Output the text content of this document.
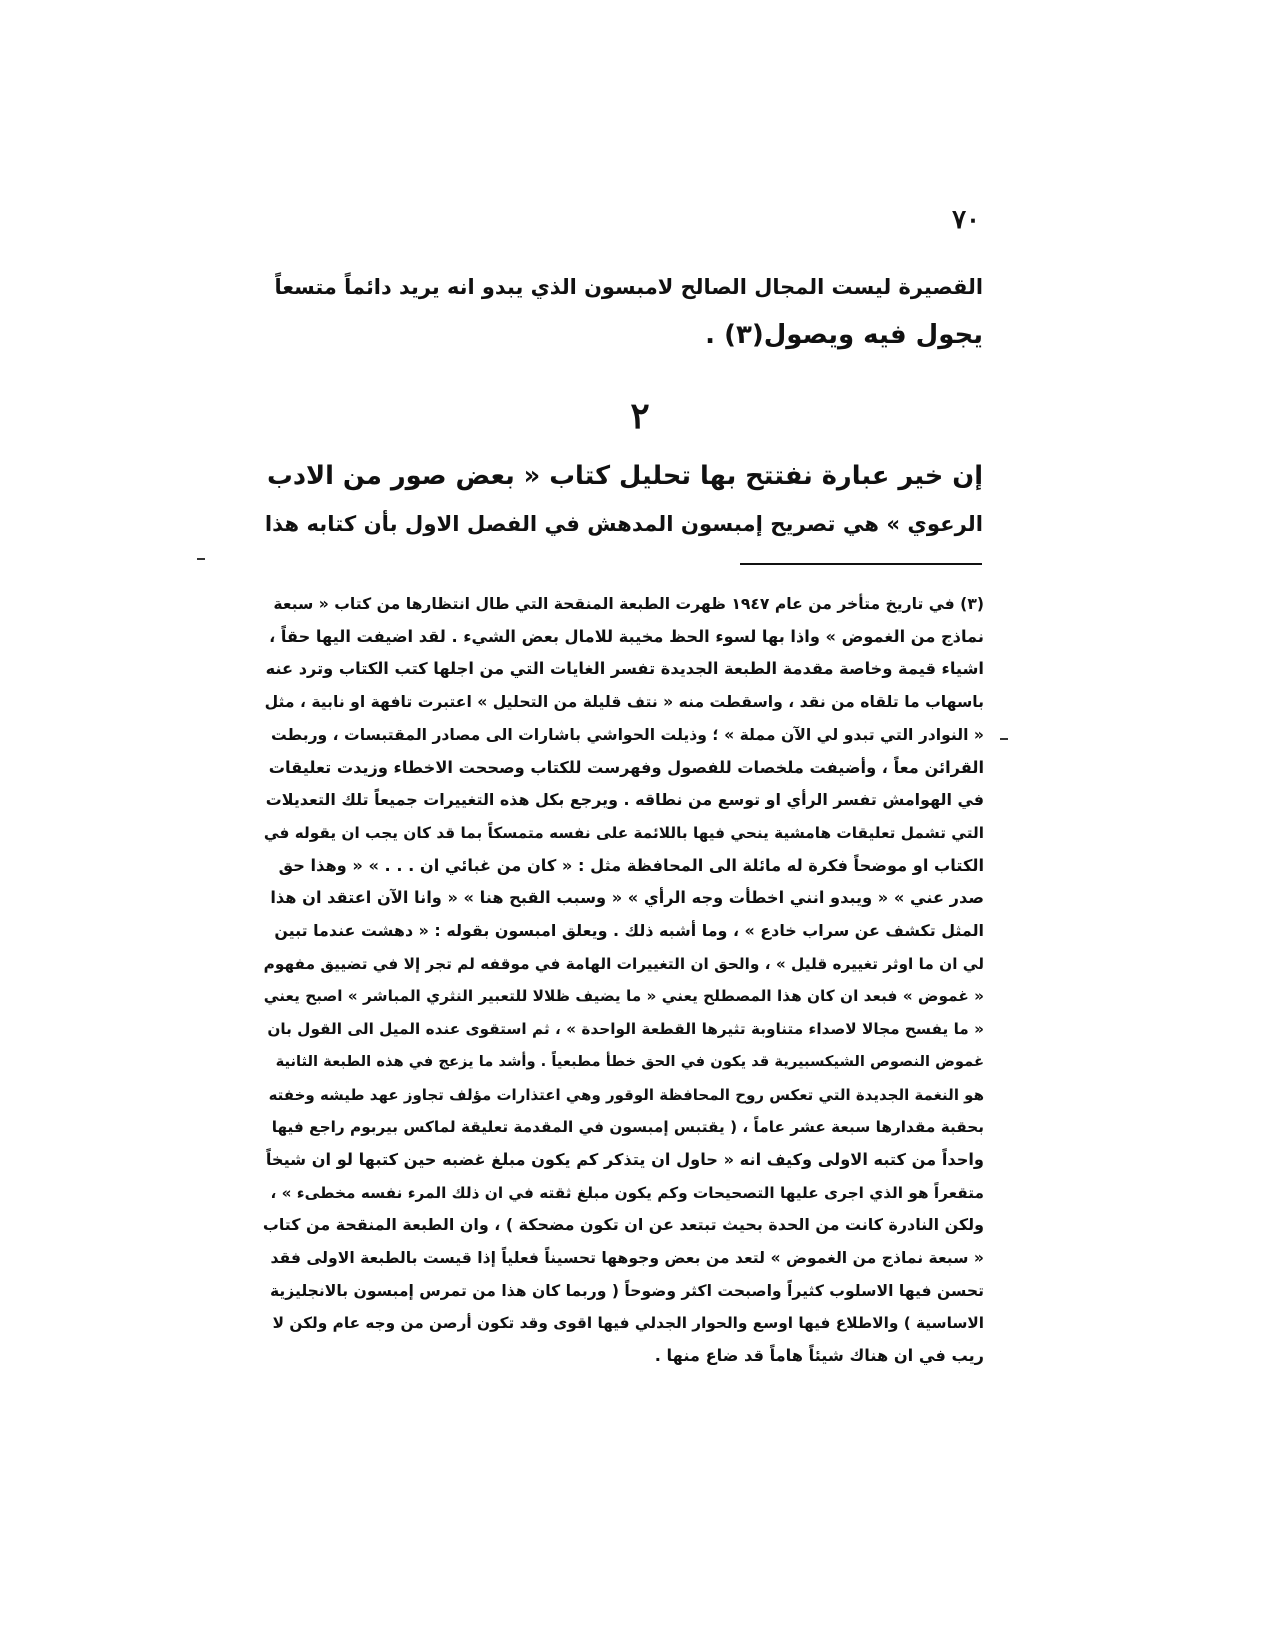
٧٠
القصيرة ليست المجال الصالح لامبسون الذي يبدو انه يريد دائماً متسعاً
يجول فيه ويصول(٣) .
٢
إن خير عبارة نفتتح بها تحليل كتاب « بعض صور من الادب
الرعوي » هي تصريح إمبسون المدهش في الفصل الاول بأن كتابه هذا
(٣) في تاريخ متأخر من عام ١٩٤٧ ظهرت الطبعة المنقحة التي طال انتظارها من كتاب « سبعة
نماذج من الغموض » واذا بها لسوء الحظ مخيبة للامال بعض الشيء . لقد اضيفت اليها حقاً ،
اشياء قيمة وخاصة مقدمة الطبعة الجديدة تفسر الغايات التي من اجلها كتب الكتاب وترد عنه
باسهاب ما تلقاه من نقد ، واسقطت منه « نتف قليلة من التحليل » اعتبرت تافهة او نابية ، مثل
« النوادر التي تبدو لي الآن مملة » ؛ وذيلت الحواشي باشارات الى مصادر المقتبسات ، وربطت
القرائن معاً ، وأضيفت ملخصات للفصول وفهرست للكتاب وصححت الاخطاء وزيدت تعليقات
في الهوامش تفسر الرأي او توسع من نطاقه . ويرجع بكل هذه التغييرات جميعاً تلك التعديلات
التي تشمل تعليقات هامشية ينحي فيها باللائمة على نفسه متمسكاً بما قد كان يجب ان يقوله في
الكتاب او موضحاً فكرة له مائلة الى المحافظة مثل : « كان من غبائي ان . . . » « وهذا حق
صدر عني » « ويبدو انني اخطأت وجه الرأي » « وسبب القبح هنا » « وانا الآن اعتقد ان هذا
المثل تكشف عن سراب خادع » ، وما أشبه ذلك . ويعلق امبسون بقوله : « دهشت عندما تبين
لي ان ما اوثر تغييره قليل » ، والحق ان التغييرات الهامة في موقفه لم تجر إلا في تضييق مفهوم
« غموض » فبعد ان كان هذا المصطلح يعني « ما يضيف ظلالا للتعبير النثري المباشر » اصبح يعني
« ما يفسح مجالا لاصداء متناوبة تثيرها القطعة الواحدة » ، ثم استقوى عنده الميل الى القول بان
غموض النصوص الشيكسبيرية قد يكون في الحق خطأ مطبعياً . وأشد ما يزعج في هذه الطبعة الثانية
هو النغمة الجديدة التي تعكس روح المحافظة الوقور وهي اعتذارات مؤلف تجاوز عهد طيشه وخفته
بحقبة مقدارها سبعة عشر عاماً ، ( يقتبس إمبسون في المقدمة تعليقة لماكس بيربوم راجع فيها
واحداً من كتبه الاولى وكيف انه « حاول ان يتذكر كم يكون مبلغ غضبه حين كتبها لو ان شيخاً
متقعراً هو الذي اجرى عليها التصحيحات وكم يكون مبلغ ثقته في ان ذلك المرء نفسه مخطىء » ،
ولكن النادرة كانت من الحدة بحيث تبتعد عن ان تكون مضحكة ) ، وان الطبعة المنقحة من كتاب
« سبعة نماذج من الغموض » لتعد من بعض وجوهها تحسيناً فعلياً إذا قيست بالطبعة الاولى فقد
تحسن فيها الاسلوب كثيراً واصبحت اكثر وضوحاً ( وربما كان هذا من تمرس إمبسون بالانجليزية
الاساسية ) والاطلاع فيها اوسع والحوار الجدلي فيها اقوى وقد تكون أرصن من وجه عام ولكن لا
ريب في ان هناك شيئاً هاماً قد ضاع منها .
